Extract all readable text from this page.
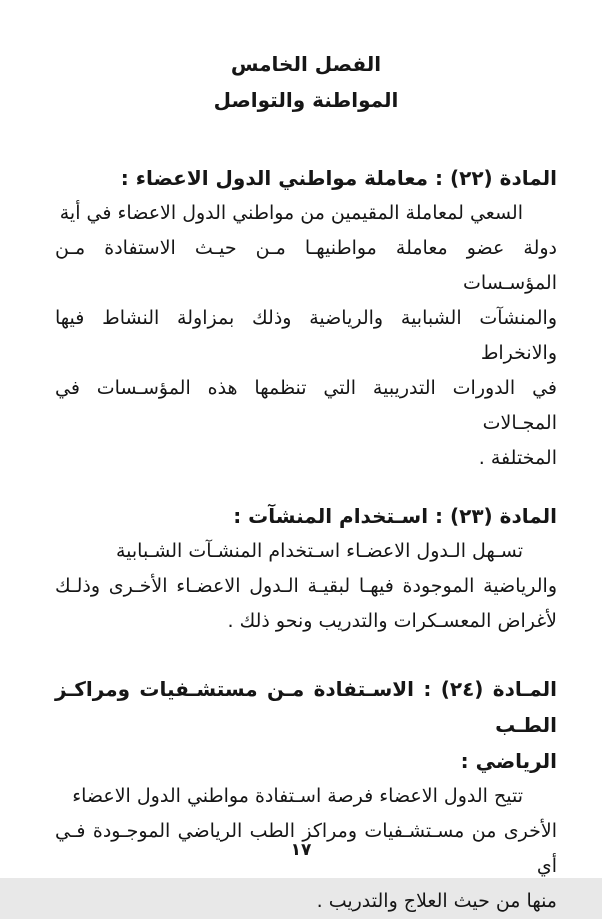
الفصل الخامس
المواطنة والتواصل
المادة (٢٢) : معاملة مواطني الدول الاعضاء :
السعي لمعاملة المقيمين من مواطني الدول الاعضاء في أية
دولة عضو معاملة مواطنيهـا مـن حيـث الاستفادة مـن المؤسـسات
والمنشآت الشبابية والرياضية وذلك بمزاولة النشاط فيها والانخراط
في الدورات التدريبية التي تنظمها هذه المؤسـسات في المجـالات
المختلفة .
المادة (٢٣) : اسـتخدام المنشآت :
تسـهل الـدول الاعضـاء اسـتخدام المنشـآت الشـبابية
والرياضية الموجودة فيهـا لبقيـة الـدول الاعضـاء الأخـرى وذلـك
لأغراض المعسـكرات والتدريب ونحو ذلك .
المـادة (٢٤) : الاسـتفادة مـن مستشـفيات ومراكـز الطـب
الرياضي :
تتيح الدول الاعضاء فرصة اسـتفادة مواطني الدول الاعضاء
الأخرى من مسـتشـفيات ومراكز الطب الرياضي الموجـودة فـي أي
منها من حيث العلاج والتدريب .
١٧
